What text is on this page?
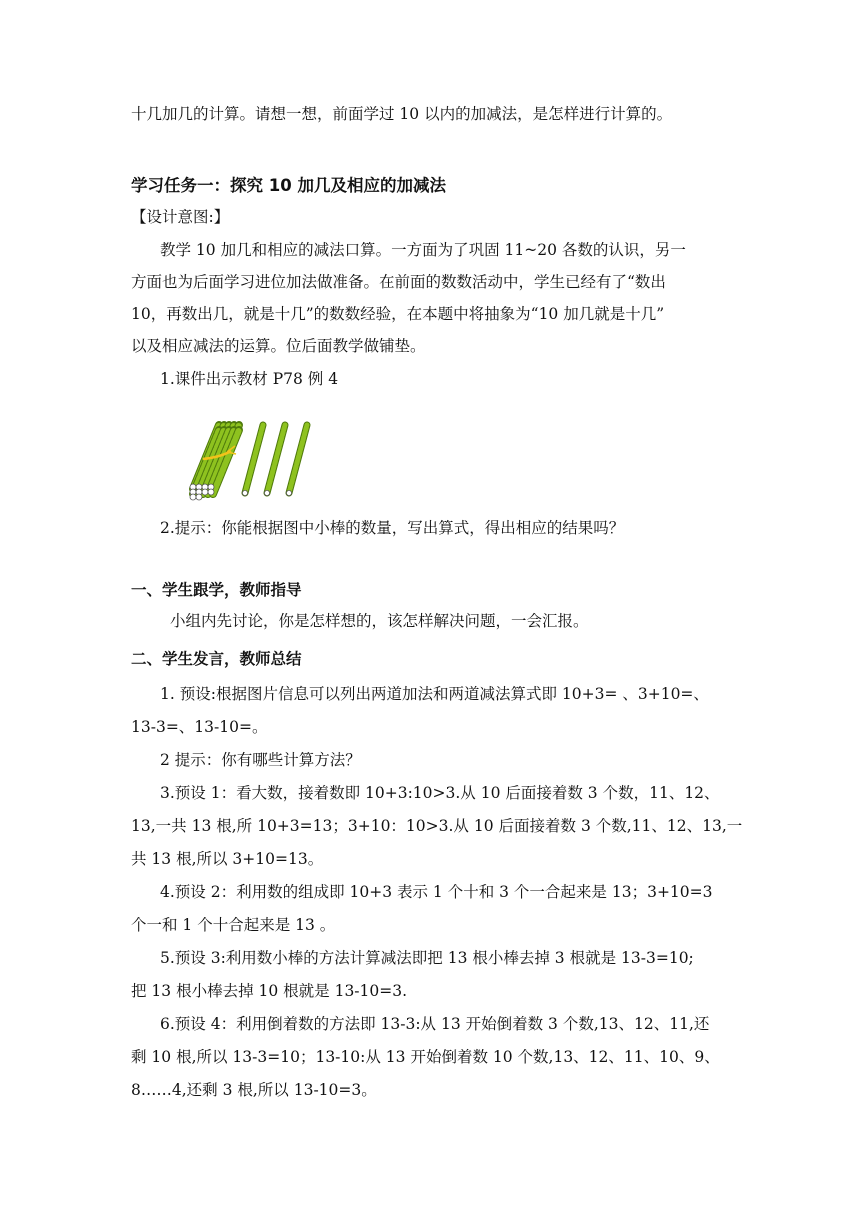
十几加几的计算。请想一想，前面学过 10 以内的加减法，是怎样进行计算的。
学习任务一：探究 10 加几及相应的加减法
【设计意图:】
教学 10 加几和相应的减法口算。一方面为了巩固 11~20 各数的认识，另一
方面也为后面学习进位加法做准备。在前面的数数活动中，学生已经有了“数出
10，再数出几，就是十几”的数数经验，在本题中将抽象为“10 加几就是十几”
以及相应减法的运算。位后面教学做铺垫。
1.课件出示教材 P78 例 4
2.提示：你能根据图中小棒的数量，写出算式，得出相应的结果吗？
一、学生跟学，教师指导
小组内先讨论，你是怎样想的，该怎样解决问题，一会汇报。
二、学生发言，教师总结
1. 预设:根据图片信息可以列出两道加法和两道减法算式即 10+3= 、3+10=、
13-3=、13-10=。
2 提示：你有哪些计算方法？
3.预设 1：看大数，接着数即 10+3:10>3.从 10 后面接着数 3 个数，11、12、
13,一共 13 根,所 10+3=13；3+10：10>3.从 10 后面接着数 3 个数,11、12、13,一
共 13 根,所以 3+10=13。
4.预设 2：利用数的组成即 10+3 表示 1 个十和 3 个一合起来是 13；3+10=3
个一和 1 个十合起来是 13 。
5.预设 3:利用数小棒的方法计算减法即把 13 根小棒去掉 3 根就是 13-3=10;
把 13 根小棒去掉 10 根就是 13-10=3.
6.预设 4：利用倒着数的方法即 13-3:从 13 开始倒着数 3 个数,13、12、11,还
剩 10 根,所以 13-3=10；13-10:从 13 开始倒着数 10 个数,13、12、11、10、9、
8……4,还剩 3 根,所以 13-10=3。
